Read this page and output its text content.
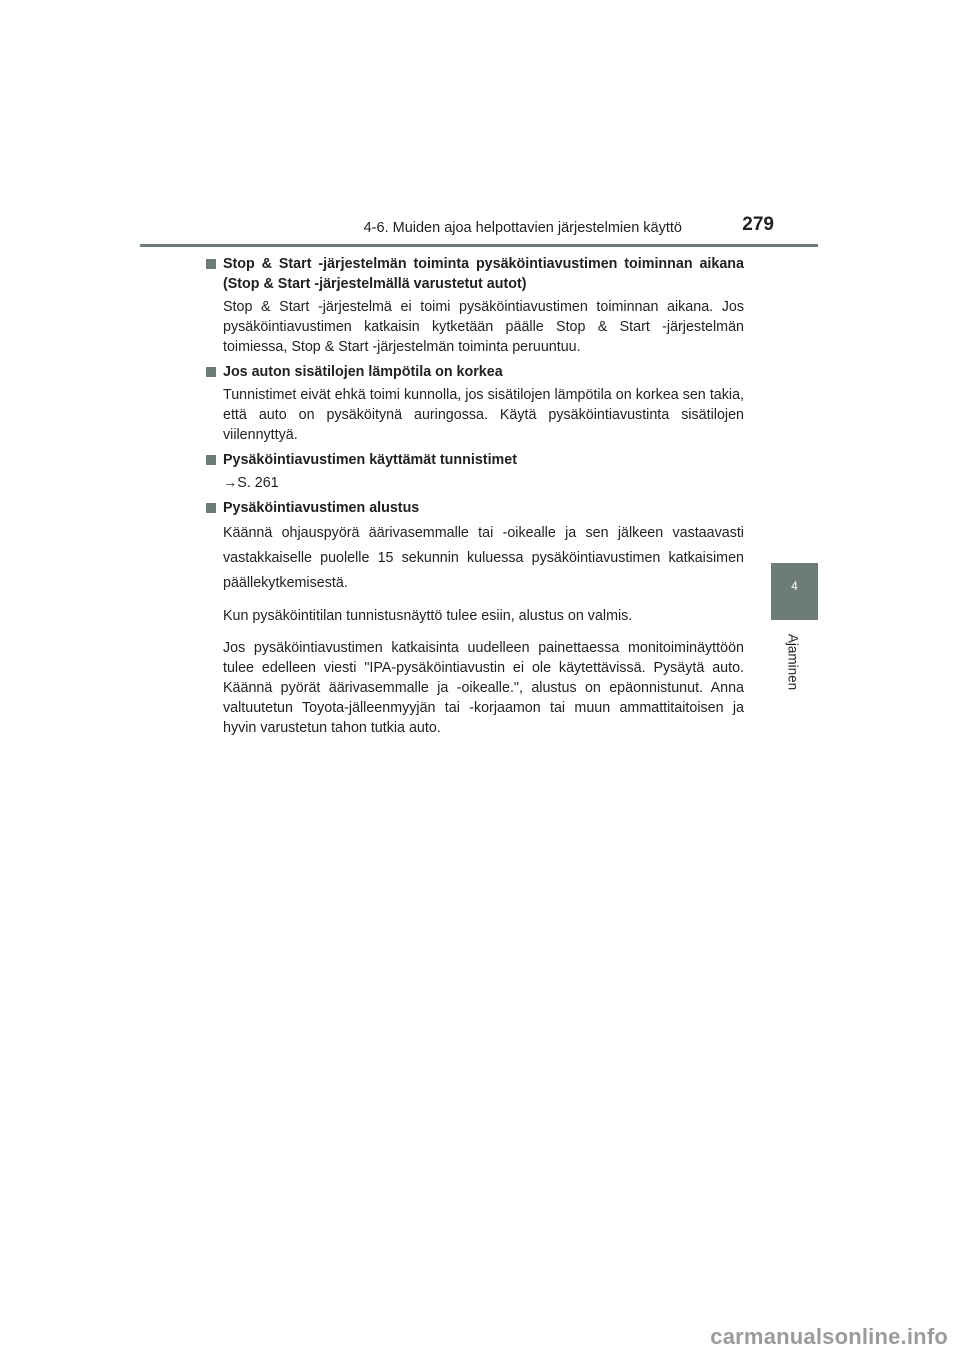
4-6. Muiden ajoa helpottavien järjestelmien käyttö	279
4
Ajaminen
Stop & Start -järjestelmän toiminta pysäköintiavustimen toiminnan aikana (Stop & Start -järjestelmällä varustetut autot)

Stop & Start -järjestelmä ei toimi pysäköintiavustimen toiminnan aikana. Jos pysäköintiavustimen katkaisin kytketään päälle Stop & Start -järjestelmän toimiessa, Stop & Start -järjestelmän toiminta peruuntuu.

Jos auton sisätilojen lämpötila on korkea

Tunnistimet eivät ehkä toimi kunnolla, jos sisätilojen lämpötila on korkea sen takia, että auto on pysäköitynä auringossa. Käytä pysäköintiavustinta sisätilojen viilennyttyä.

Pysäköintiavustimen käyttämät tunnistimet

→S. 261

Pysäköintiavustimen alustus

Käännä ohjauspyörä äärivasemmalle tai -oikealle ja sen jälkeen vastaavasti vastakkaiselle puolelle 15 sekunnin kuluessa pysäköintiavustimen katkaisimen päällekytkemisestä.

Kun pysäköintitilan tunnistusnäyttö tulee esiin, alustus on valmis.

Jos pysäköintiavustimen katkaisinta uudelleen painettaessa monitoiminäyttöön tulee edelleen viesti "IPA-pysäköintiavustin ei ole käytettävissä. Pysäytä auto. Käännä pyörät äärivasemmalle ja -oikealle.", alustus on epäonnistunut. Anna valtuutetun Toyota-jälleenmyyjän tai -korjaamon tai muun ammattitaitoisen ja hyvin varustetun tahon tutkia auto.

carmanualsonline.info
